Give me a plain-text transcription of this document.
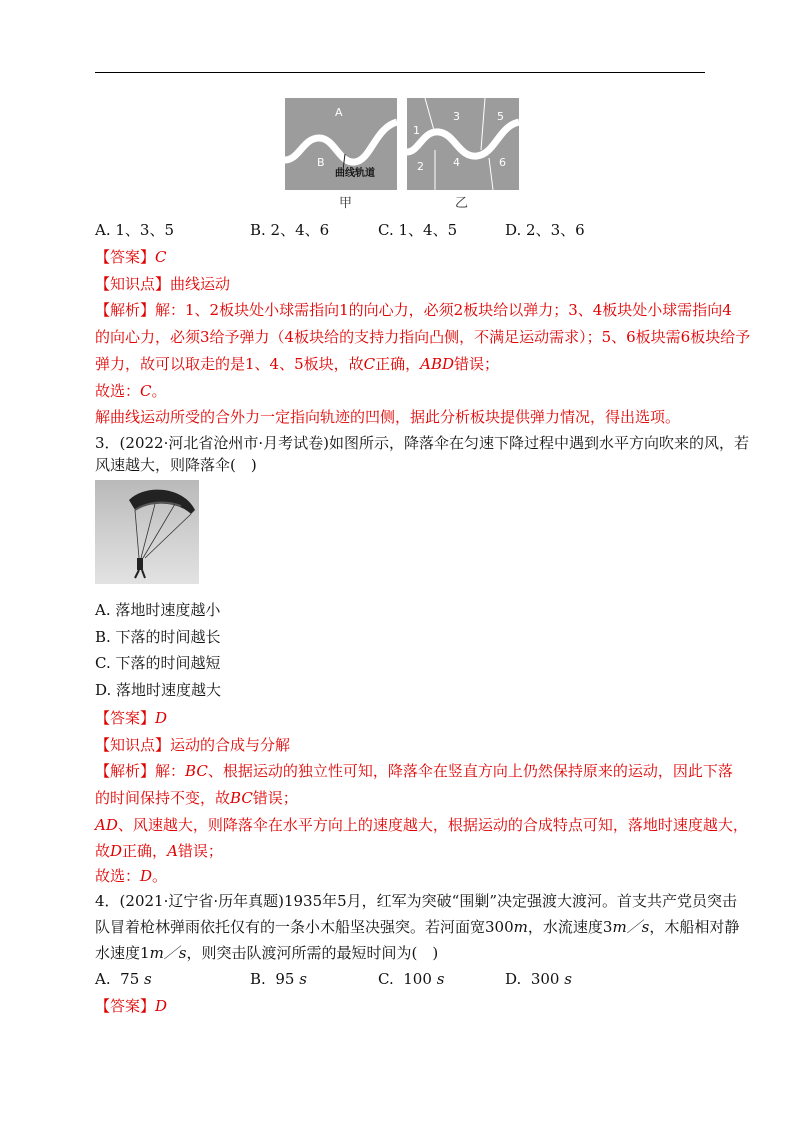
A
B
曲线轨道
甲
1
2
3
4
5
6
乙
A. 1、3、5	B. 2、4、6	C. 1、4、5	D. 2、3、6
【答案】C
【知识点】曲线运动
【解析】解：1、2板块处小球需指向1的向心力，必须2板块给以弹力；3、4板块处小球需指向4
的向心力，必须3给予弹力（4板块给的支持力指向凸侧，不满足运动需求）；5、6板块需6板块给予
弹力，故可以取走的是1、4、5板块，故C正确，ABD错误；
故选：C。
解曲线运动所受的合外力一定指向轨迹的凹侧，据此分析板块提供弹力情况，得出选项。
3．(2022·河北省沧州市·月考试卷)如图所示，降落伞在匀速下降过程中遇到水平方向吹来的风，若
风速越大，则降落伞(　)
A. 落地时速度越小
B. 下落的时间越长
C. 下落的时间越短
D. 落地时速度越大
【答案】D
【知识点】运动的合成与分解
【解析】解：BC、根据运动的独立性可知，降落伞在竖直方向上仍然保持原来的运动，因此下落
的时间保持不变，故BC错误；
AD、风速越大，则降落伞在水平方向上的速度越大，根据运动的合成特点可知，落地时速度越大，
故D正确，A错误；
故选：D。
4．(2021·辽宁省·历年真题)1935年5月，红军为突破“围剿”决定强渡大渡河。首支共产党员突击
队冒着枪林弹雨依托仅有的一条小木船坚决强突。若河面宽300m，水流速度3m／s，木船相对静
水速度1m／s，则突击队渡河所需的最短时间为(　)
A. 75 s	B. 95 s	C. 100 s	D. 300 s
【答案】D
